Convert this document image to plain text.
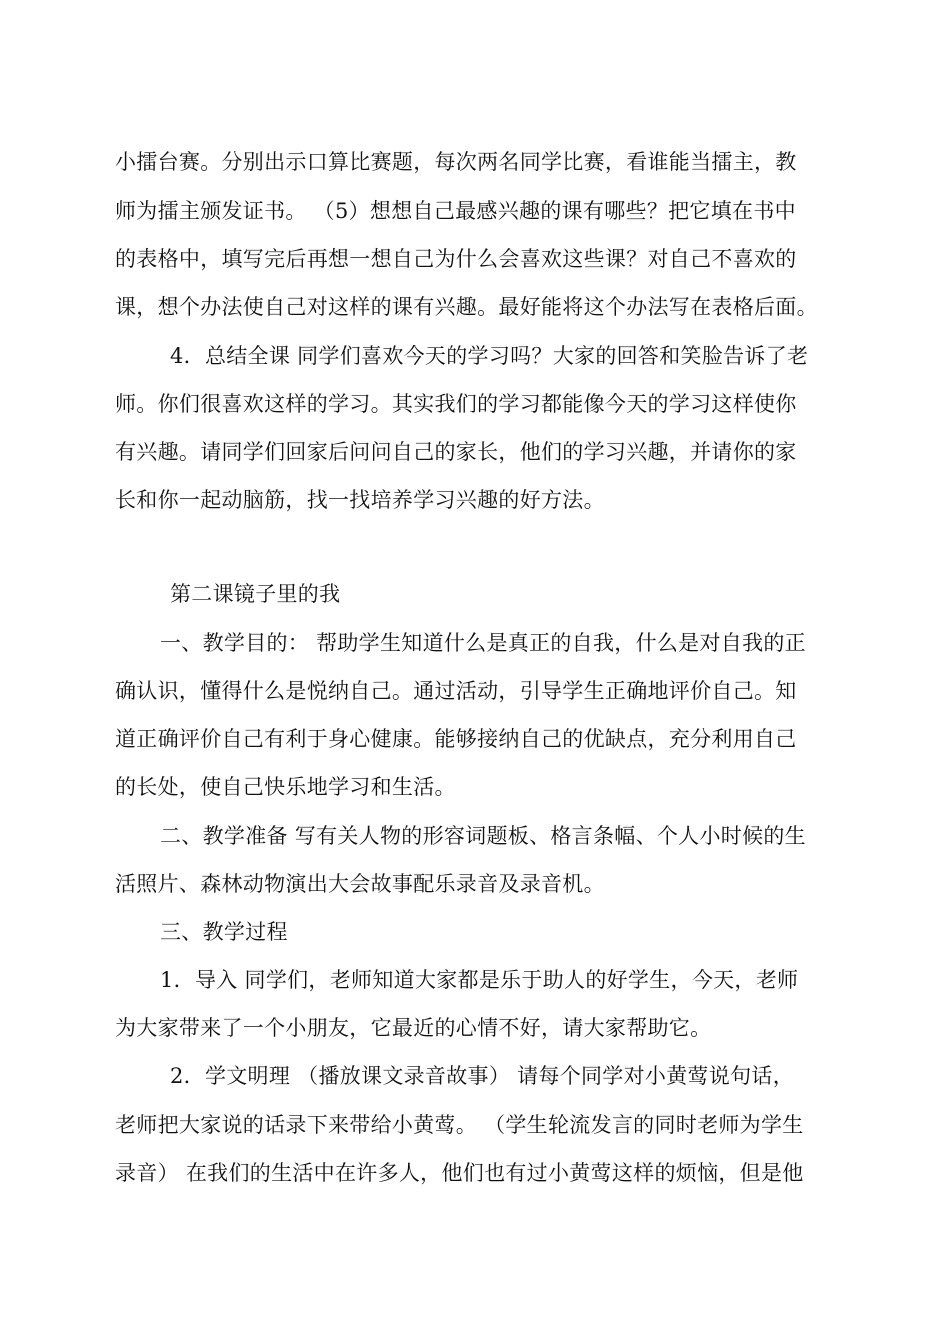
小擂台赛。分别出示口算比赛题，每次两名同学比赛，看谁能当擂主，教
师为擂主颁发证书。 （5）想想自己最感兴趣的课有哪些？把它填在书中
的表格中，填写完后再想一想自己为什么会喜欢这些课？对自己不喜欢的
课，想个办法使自己对这样的课有兴趣。最好能将这个办法写在表格后面。
4．总结全课 同学们喜欢今天的学习吗？大家的回答和笑脸告诉了老
师。你们很喜欢这样的学习。其实我们的学习都能像今天的学习这样使你
有兴趣。请同学们回家后问问自己的家长，他们的学习兴趣，并请你的家
长和你一起动脑筋，找一找培养学习兴趣的好方法。
第二课镜子里的我
一、教学目的： 帮助学生知道什么是真正的自我，什么是对自我的正
确认识，懂得什么是悦纳自己。通过活动，引导学生正确地评价自己。知
道正确评价自己有利于身心健康。能够接纳自己的优缺点，充分利用自己
的长处，使自己快乐地学习和生活。
二、教学准备 写有关人物的形容词题板、格言条幅、个人小时候的生
活照片、森林动物演出大会故事配乐录音及录音机。
三、教学过程
1．导入 同学们，老师知道大家都是乐于助人的好学生，今天，老师
为大家带来了一个小朋友，它最近的心情不好，请大家帮助它。
2．学文明理 （播放课文录音故事） 请每个同学对小黄莺说句话，
老师把大家说的话录下来带给小黄莺。 （学生轮流发言的同时老师为学生
录音） 在我们的生活中在许多人，他们也有过小黄莺这样的烦恼，但是他
